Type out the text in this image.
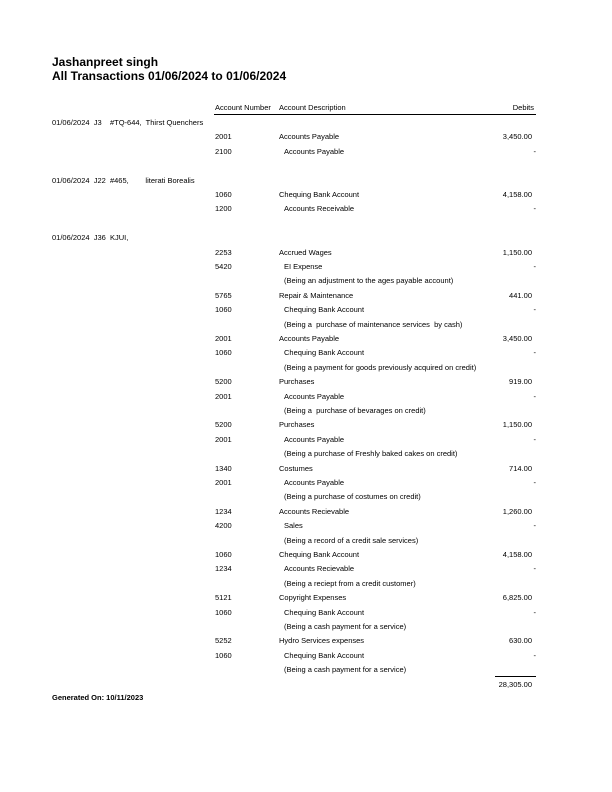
Jashanpreet singh
All Transactions 01/06/2024 to 01/06/2024
Account Number Account Description	Debits
01/06/2024  J3    #TQ-644,  Thirst Quenchers
2001	Accounts Payable	3,450.00
2100	Accounts Payable	-
01/06/2024  J22  #465,        literati Borealis
1060	Chequing Bank Account	4,158.00
1200	Accounts Receivable	-
01/06/2024  J36  KJUI,
2253	Accrued Wages	1,150.00
5420	EI Expense	-
(Being an adjustment to the ages payable account)
5765	Repair & Maintenance	441.00
1060	Chequing Bank Account	-
(Being a  purchase of maintenance services  by cash)
2001	Accounts Payable	3,450.00
1060	Chequing Bank Account	-
(Being a payment for goods previously acquired on credit)
5200	Purchases	919.00
2001	Accounts Payable	-
(Being a  purchase of bevarages on credit)
5200	Purchases	1,150.00
2001	Accounts Payable	-
(Being a purchase of Freshly baked cakes on credit)
1340	Costumes	714.00
2001	Accounts Payable	-
(Being a purchase of costumes on credit)
1234	Accounts Recievable	1,260.00
4200	Sales	-
(Being a record of a credit sale services)
1060	Chequing Bank Account	4,158.00
1234	Accounts Recievable	-
(Being a reciept from a credit customer)
5121	Copyright Expenses	6,825.00
1060	Chequing Bank Account	-
(Being a cash payment for a service)
5252	Hydro Services expenses	630.00
1060	Chequing Bank Account	-
(Being a cash payment for a service)
28,305.00
Generated On: 10/11/2023
